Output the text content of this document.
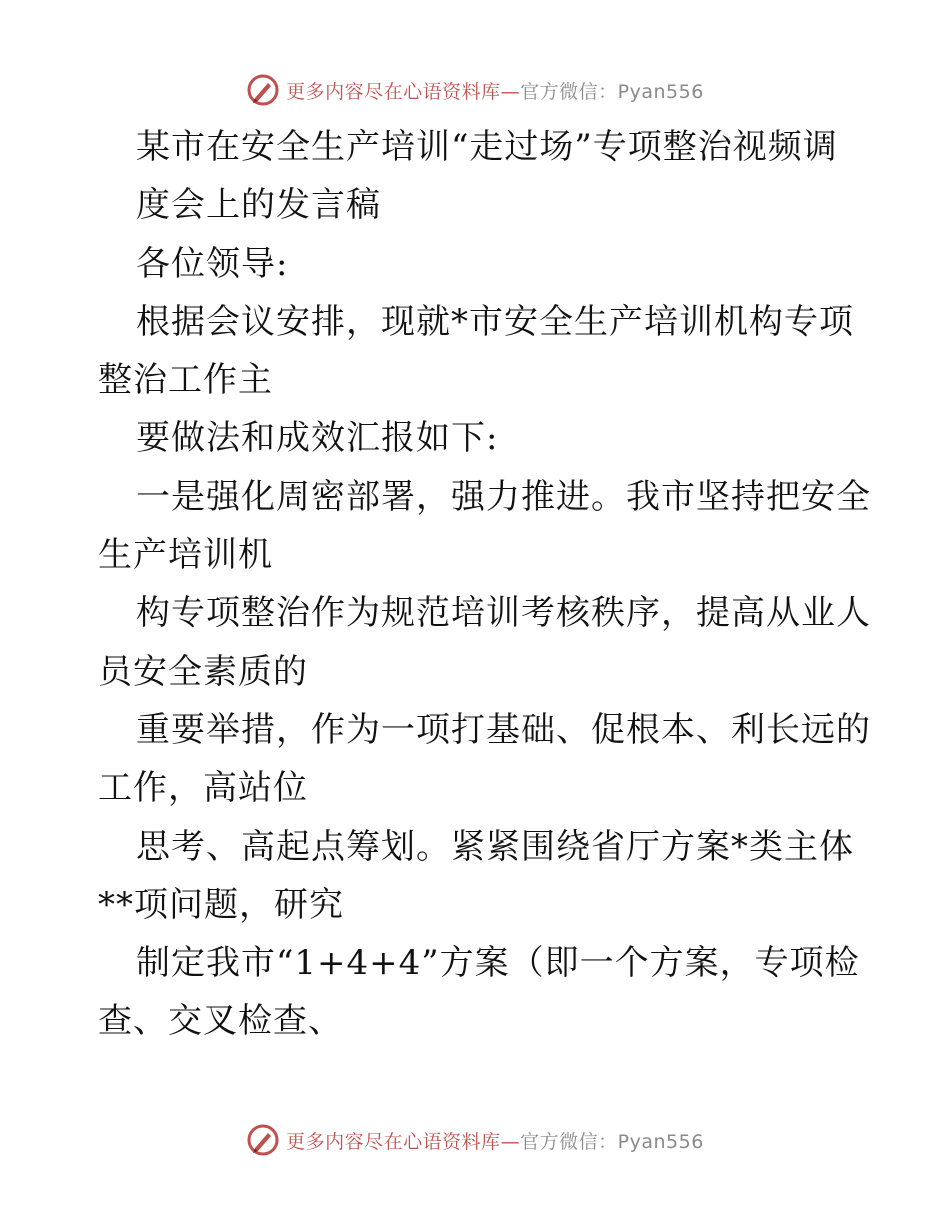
更多内容尽在心语资料库—官方微信：Pyan556
某市在安全生产培训“走过场”专项整治视频调
度会上的发言稿
各位领导:
根据会议安排，现就*市安全生产培训机构专项
整治工作主
要做法和成效汇报如下:
一是强化周密部署，强力推进。我市坚持把安全
生产培训机
构专项整治作为规范培训考核秩序，提高从业人
员安全素质的
重要举措，作为一项打基础、促根本、利长远的
工作，高站位
思考、高起点筹划。紧紧围绕省厅方案*类主体
**项问题，研究
制定我市“1+4+4”方案（即一个方案，专项检
查、交叉检查、
更多内容尽在心语资料库—官方微信：Pyan556
